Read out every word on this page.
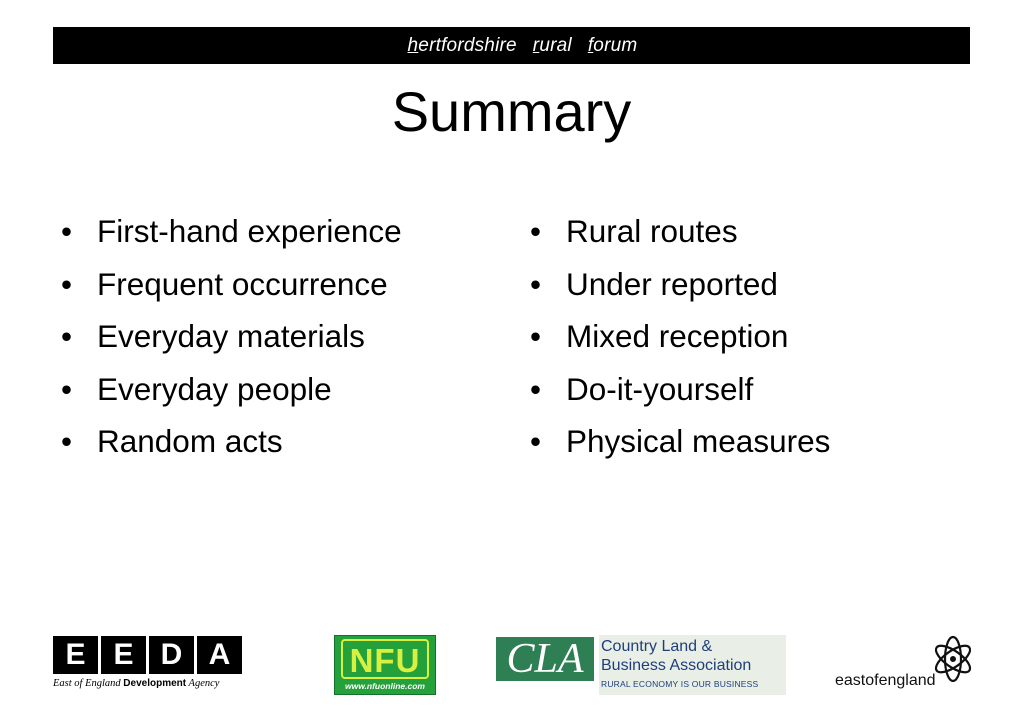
hertfordshire rural forum

Summary
• First-hand experience
• Frequent occurrence
• Everyday materials
• Everyday people
• Random acts
• Rural routes
• Under reported
• Mixed reception
• Do-it-yourself
• Physical measures
E E D A
East of England Development Agency
NFU
www.nfuonline.com
CLA	Country Land &
Business Association
RURAL ECONOMY IS OUR BUSINESS	eastofengland
